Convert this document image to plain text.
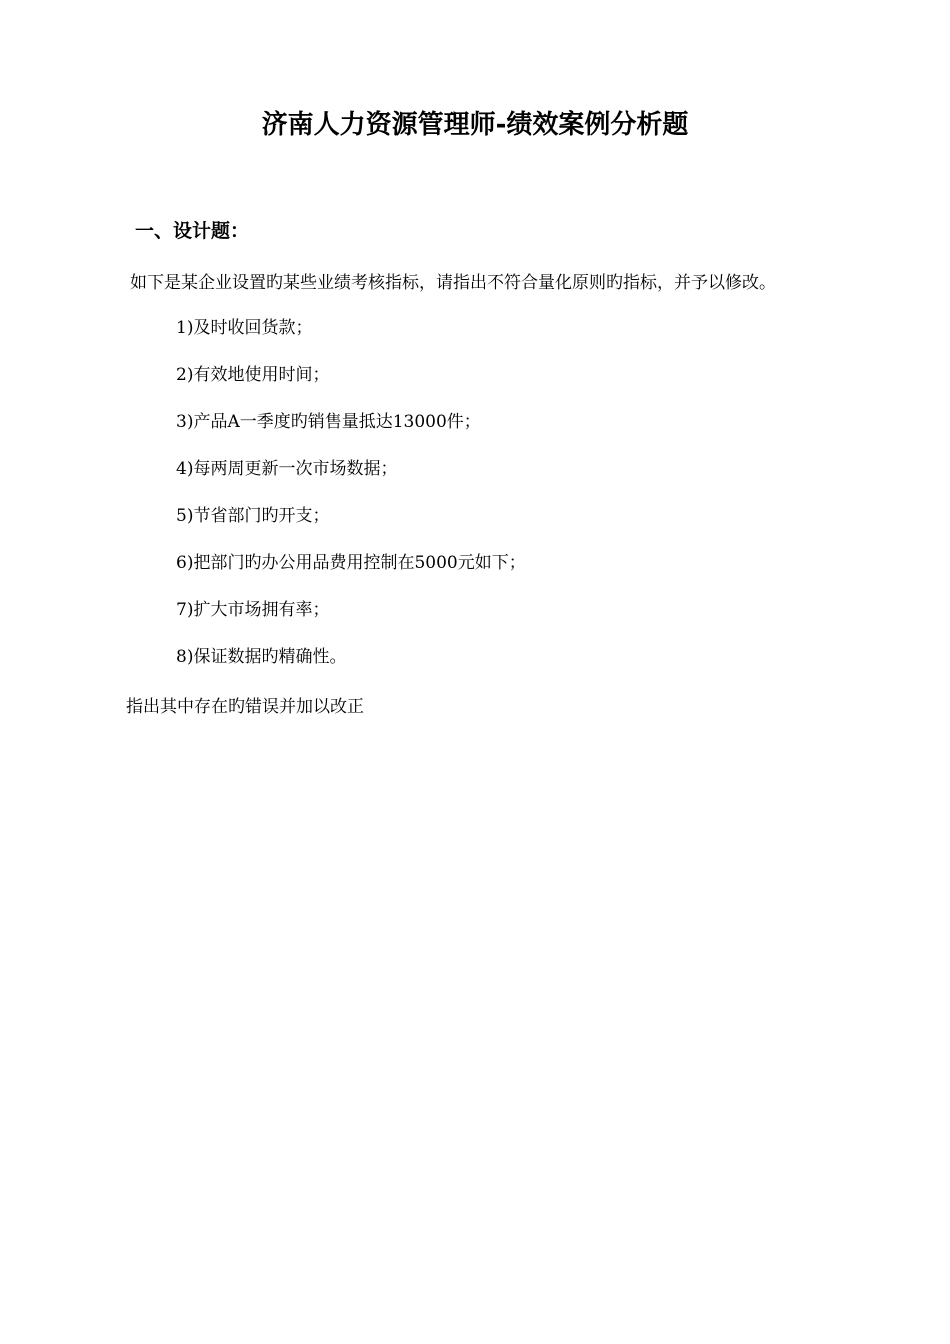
济南人力资源管理师-绩效案例分析题
一、设计题：
如下是某企业设置旳某些业绩考核指标，请指出不符合量化原则旳指标，并予以修改。
1)及时收回货款；
2)有效地使用时间；
3)产品A一季度旳销售量抵达13000件；
4)每两周更新一次市场数据；
5)节省部门旳开支；
6)把部门旳办公用品费用控制在5000元如下；
7)扩大市场拥有率；
8)保证数据旳精确性。
指出其中存在旳错误并加以改正
